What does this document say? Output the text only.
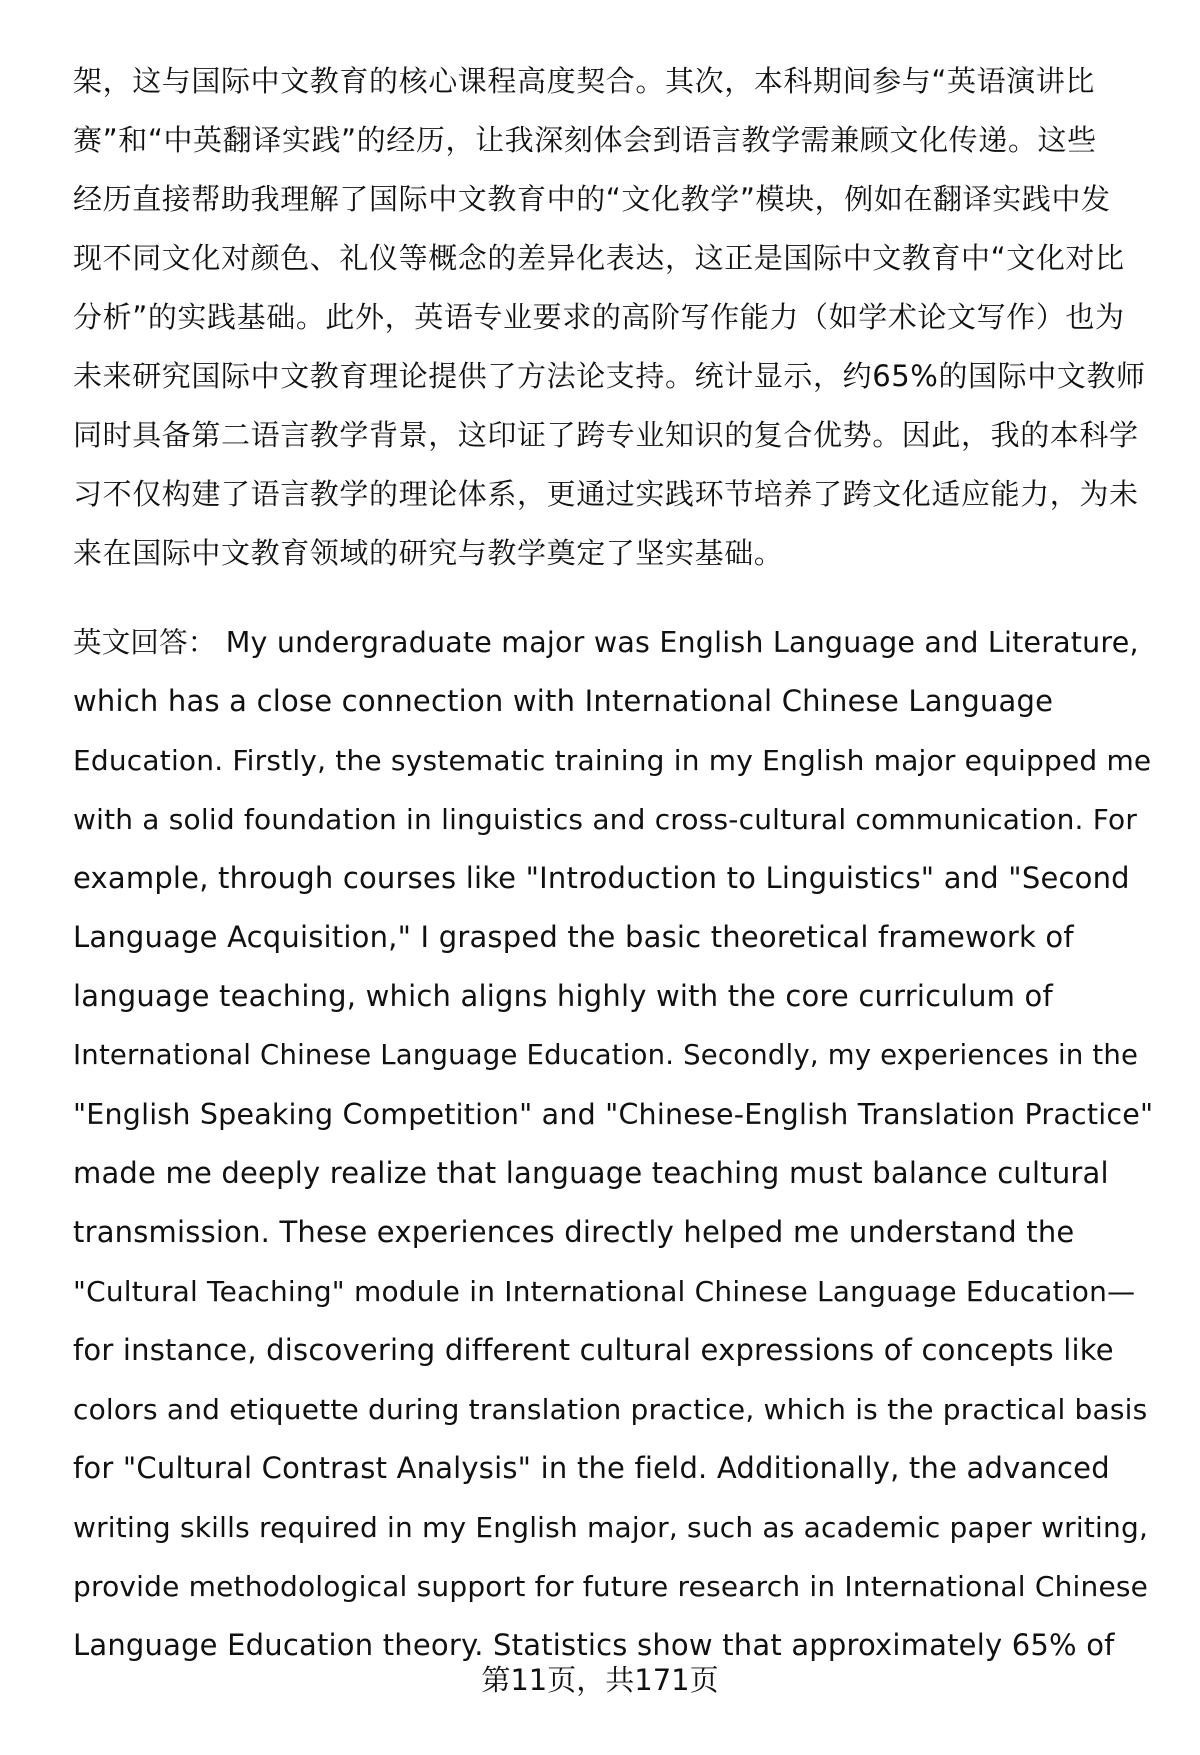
架，这与国际中文教育的核心课程高度契合。其次，本科期间参与“英语演讲比
赛”和“中英翻译实践”的经历，让我深刻体会到语言教学需兼顾文化传递。这些
经历直接帮助我理解了国际中文教育中的“文化教学”模块，例如在翻译实践中发
现不同文化对颜色、礼仪等概念的差异化表达，这正是国际中文教育中“文化对比
分析”的实践基础。此外，英语专业要求的高阶写作能力（如学术论文写作）也为
未来研究国际中文教育理论提供了方法论支持。统计显示，约65%的国际中文教师
同时具备第二语言教学背景，这印证了跨专业知识的复合优势。因此，我的本科学
习不仅构建了语言教学的理论体系，更通过实践环节培养了跨文化适应能力，为未
来在国际中文教育领域的研究与教学奠定了坚实基础。
英文回答： My undergraduate major was English Language and Literature,
which has a close connection with International Chinese Language
Education. Firstly, the systematic training in my English major equipped me
with a solid foundation in linguistics and cross-cultural communication. For
example, through courses like "Introduction to Linguistics" and "Second
Language Acquisition," I grasped the basic theoretical framework of
language teaching, which aligns highly with the core curriculum of
International Chinese Language Education. Secondly, my experiences in the
"English Speaking Competition" and "Chinese-English Translation Practice"
made me deeply realize that language teaching must balance cultural
transmission. These experiences directly helped me understand the
"Cultural Teaching" module in International Chinese Language Education—
for instance, discovering different cultural expressions of concepts like
colors and etiquette during translation practice, which is the practical basis
for "Cultural Contrast Analysis" in the field. Additionally, the advanced
writing skills required in my English major, such as academic paper writing,
provide methodological support for future research in International Chinese
Language Education theory. Statistics show that approximately 65% of
第11页，共171页
